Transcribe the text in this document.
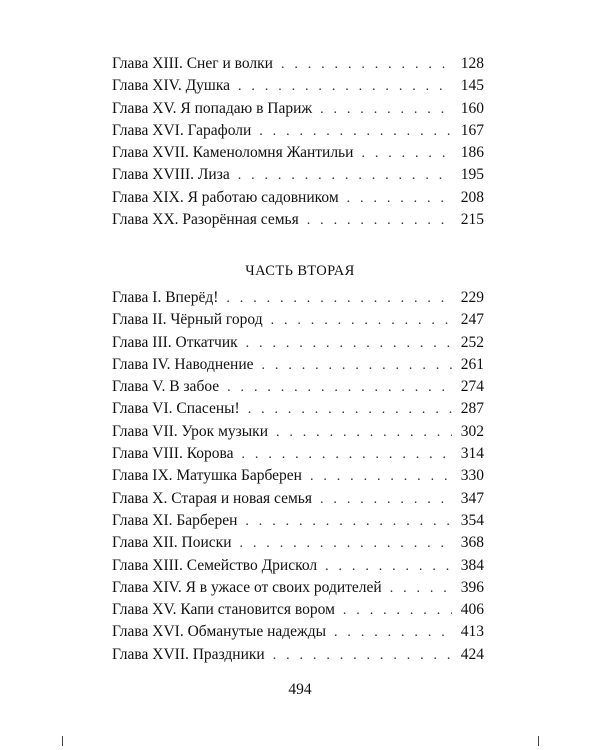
Глава XIII. Снег и волки . . .	128
Глава XIV. Душка . . .	145
Глава XV. Я попадаю в Париж . . .	160
Глава XVI. Гарафоли . . .	167
Глава XVII. Каменоломня Жантильи . . .	186
Глава XVIII. Лиза . . .	195
Глава XIX. Я работаю садовником . . .	208
Глава XX. Разорённая семья . . .	215
ЧАСТЬ ВТОРАЯ
Глава I. Вперёд! . . .	229
Глава II. Чёрный город . . .	247
Глава III. Откатчик . . .	252
Глава IV. Наводнение . . .	261
Глава V. В забое . . .	274
Глава VI. Спасены! . . .	287
Глава VII. Урок музыки . . .	302
Глава VIII. Корова . . .	314
Глава IX. Матушка Барберен . . .	330
Глава X. Старая и новая семья . . .	347
Глава XI. Барберен . . .	354
Глава XII. Поиски . . .	368
Глава XIII. Семейство Дрискол . . .	384
Глава XIV. Я в ужасе от своих родителей . . .	396
Глава XV. Капи становится вором . . .	406
Глава XVI. Обманутые надежды . . .	413
Глава XVII. Праздники . . .	424
494
